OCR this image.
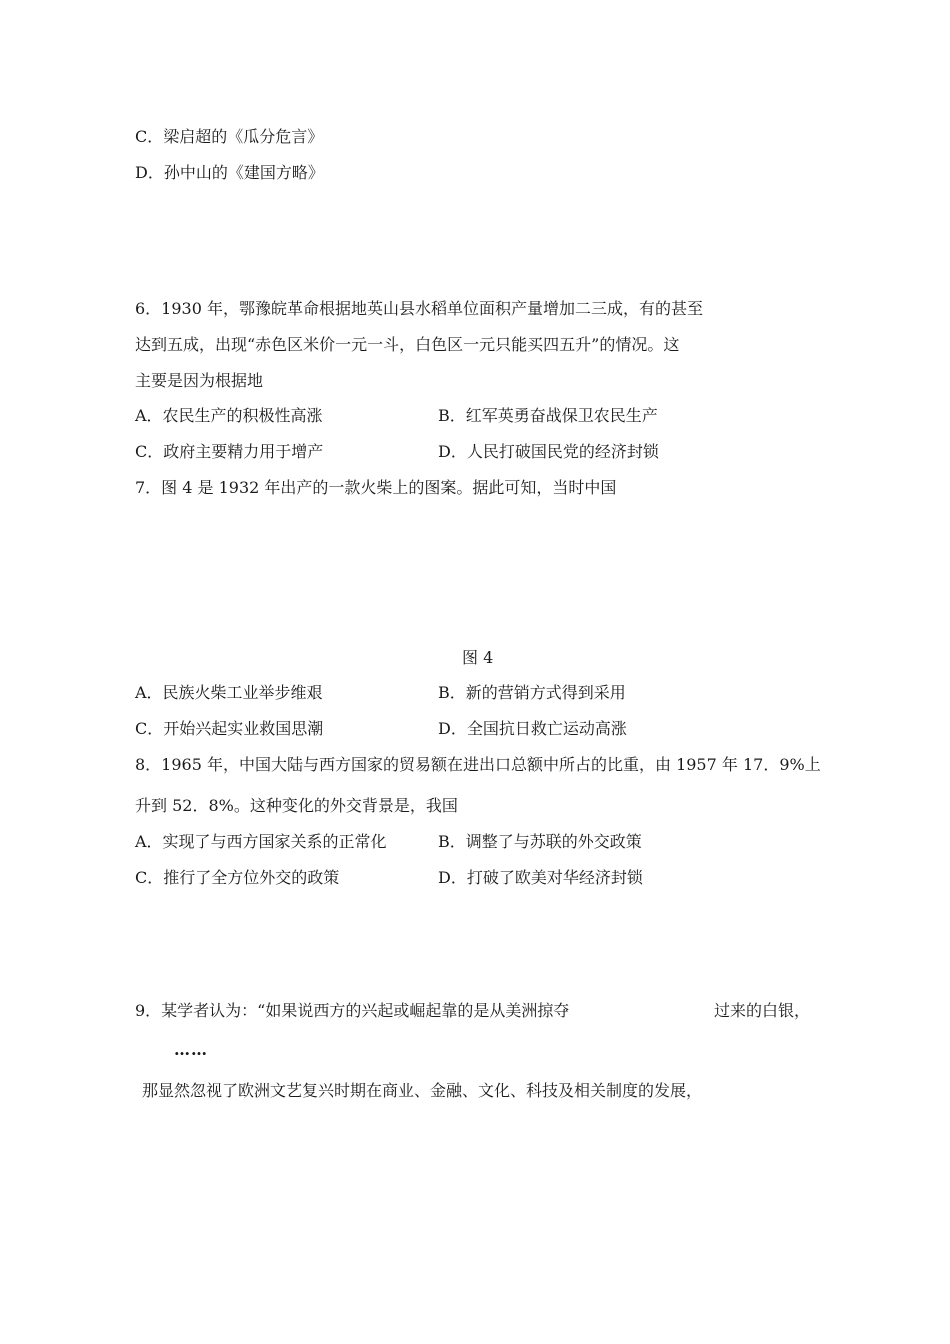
C．梁启超的《瓜分危言》
D．孙中山的《建国方略》
6．1930 年，鄂豫皖革命根据地英山县水稻单位面积产量增加二三成，有的甚至
达到五成，出现“赤色区米价一元一斗，白色区一元只能买四五升”的情况。这
主要是因为根据地
A．农民生产的积极性高涨	B．红军英勇奋战保卫农民生产
C．政府主要精力用于增产	D．人民打破国民党的经济封锁
7．图 4 是 1932 年出产的一款火柴上的图案。据此可知，当时中国
图 4
A．民族火柴工业举步维艰	B．新的营销方式得到采用
C．开始兴起实业救国思潮	D．全国抗日救亡运动高涨
8．1965 年，中国大陆与西方国家的贸易额在进出口总额中所占的比重，由 1957 年 17．9%上
升到 52．8%。这种变化的外交背景是，我国
A．实现了与西方国家关系的正常化	B．调整了与苏联的外交政策
C．推行了全方位外交的政策	D．打破了欧美对华经济封锁
9．某学者认为：“如果说西方的兴起或崛起靠的是从美洲掠夺	过来的白银，
……
那显然忽视了欧洲文艺复兴时期在商业、金融、文化、科技及相关制度的发展，
